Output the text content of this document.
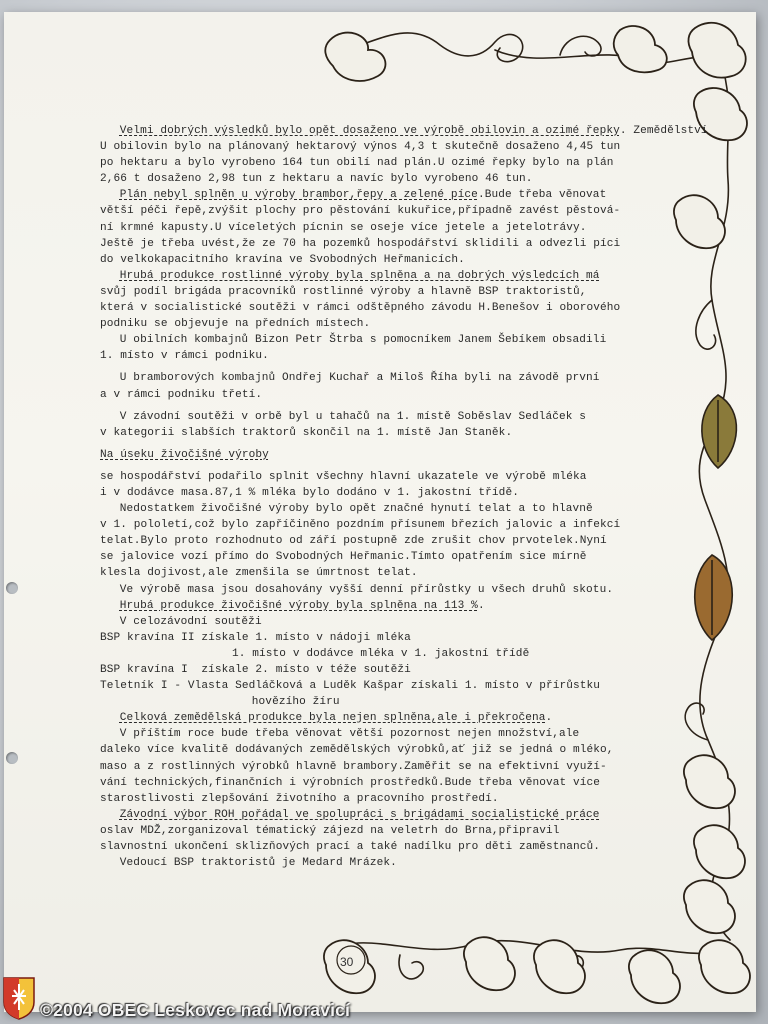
Velmi dobrých výsledků bylo opět dosaženo ve výrobě obilovin a ozimé řepky. Zemědělství
U obilovin bylo na plánovaný hektarový výnos 4,3 t skutečně dosaženo 4,45 tun
po hektaru a bylo vyrobeno 164 tun obilí nad plán.U ozimé řepky bylo na plán
2,66 t dosaženo 2,98 tun z hektaru a navíc bylo vyrobeno 46 tun.
Plán nebyl splněn u výroby brambor,řepy a zelené píce.Bude třeba věnovat
větší péči řepě,zvýšit plochy pro pěstování kukuřice,případně zavést pěstová-
ní krmné kapusty.U víceletých pícnin se oseje více jetele a jetelotrávy.
Ještě je třeba uvést,že ze 70 ha pozemků hospodářství sklidili a odvezli píci
do velkokapacitního kravína ve Svobodných Heřmanicích.
Hrubá produkce rostlinné výroby byla splněna a na dobrých výsledcích má
svůj podíl brigáda pracovníků rostlinné výroby a hlavně BSP traktoristů,
která v socialistické soutěži v rámci odštěpného závodu H.Benešov i oborového
podniku se objevuje na předních místech.
U obilních kombajnů Bizon Petr Štrba s pomocníkem Janem Šebíkem obsadili
1. místo v rámci podniku.
U bramborových kombajnů Ondřej Kuchař a Miloš Říha byli na závodě první
a v rámci podniku třetí.
V závodní soutěži v orbě byl u tahačů na 1. místě Soběslav Sedláček s
v kategorii slabších traktorů skončil na 1. místě Jan Staněk.
Na úseku živočišné výroby
se hospodářství podařilo splnit všechny hlavní ukazatele ve výrobě mléka
i v dodávce masa.87,1 % mléka bylo dodáno v 1. jakostní třídě.
Nedostatkem živočišné výroby bylo opět značné hynutí telat a to hlavně
v 1. pololetí,což bylo zapříčiněno pozdním přísunem březích jalovic a infekcí
telat.Bylo proto rozhodnuto od září postupně zde zrušit chov prvotelek.Nyní
se jalovice vozí přímo do Svobodných Heřmanic.Tímto opatřením sice mírně
klesla dojivost,ale zmenšila se úmrtnost telat.
Ve výrobě masa jsou dosahovány vyšší denní přírůstky u všech druhů skotu.
Hrubá produkce živočišné výroby byla splněna na 113 %.
V celozávodní soutěži
BSP kravína II získale 1. místo v nádoji mléka
1. místo v dodávce mléka v 1. jakostní třídě
BSP kravína I  získale 2. místo v téže soutěži
Teletník I - Vlasta Sedláčková a Luděk Kašpar získali 1. místo v přírůstku
hovězího žíru
Celková zemědělská produkce byla nejen splněna,ale i překročena.
V příštím roce bude třeba věnovat větší pozornost nejen množství,ale
daleko více kvalitě dodávaných zemědělských výrobků,ať již se jedná o mléko,
maso a z rostlinných výrobků hlavně brambory.Zaměřit se na efektivní využí-
vání technických,finančních i výrobních prostředků.Bude třeba věnovat více
starostlivosti zlepšování životního a pracovního prostředí.
Závodní výbor ROH pořádal ve spolupráci s brigádami socialistické práce
oslav MDŽ,zorganizoval tématický zájezd na veletrh do Brna,připravil
slavnostní ukončení sklizňových prací a také nadílku pro děti zaměstnanců.
Vedoucí BSP traktoristů je Medard Mrázek.
30
©2004 OBEC Leskovec nad Moravicí
